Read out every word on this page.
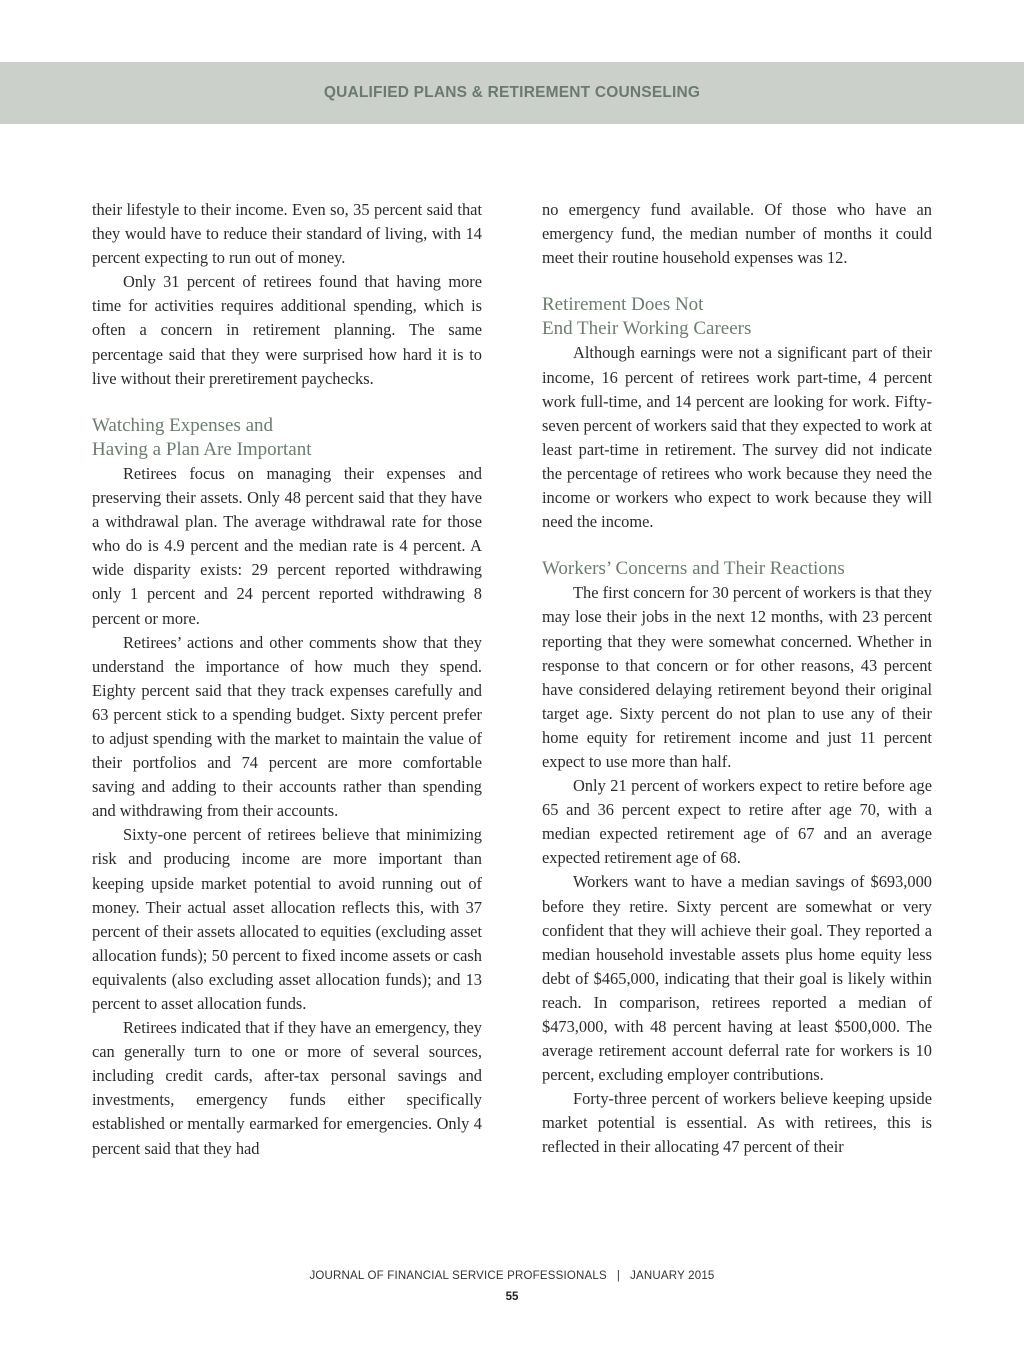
QUALIFIED PLANS & RETIREMENT COUNSELING

their lifestyle to their income. Even so, 35 percent said that they would have to reduce their standard of living, with 14 percent expecting to run out of money.

Only 31 percent of retirees found that having more time for activities requires additional spending, which is often a concern in retirement planning. The same percentage said that they were surprised how hard it is to live without their preretirement paychecks.

Watching Expenses and
Having a Plan Are Important

Retirees focus on managing their expenses and preserving their assets. Only 48 percent said that they have a withdrawal plan. The average withdrawal rate for those who do is 4.9 percent and the median rate is 4 percent. A wide disparity exists: 29 percent reported withdrawing only 1 percent and 24 percent reported withdrawing 8 percent or more.

Retirees’ actions and other comments show that they understand the importance of how much they spend. Eighty percent said that they track expenses carefully and 63 percent stick to a spending budget. Sixty percent prefer to adjust spending with the market to maintain the value of their portfolios and 74 percent are more comfortable saving and adding to their accounts rather than spending and withdrawing from their accounts.

Sixty-one percent of retirees believe that minimizing risk and producing income are more important than keeping upside market potential to avoid running out of money. Their actual asset allocation reflects this, with 37 percent of their assets allocated to equities (excluding asset allocation funds); 50 percent to fixed income assets or cash equivalents (also excluding asset allocation funds); and 13 percent to asset allocation funds.

Retirees indicated that if they have an emergency, they can generally turn to one or more of several sources, including credit cards, after-tax personal savings and investments, emergency funds either specifically established or mentally earmarked for emergencies. Only 4 percent said that they had

no emergency fund available. Of those who have an emergency fund, the median number of months it could meet their routine household expenses was 12.

Retirement Does Not
End Their Working Careers

Although earnings were not a significant part of their income, 16 percent of retirees work part-time, 4 percent work full-time, and 14 percent are looking for work. Fifty-seven percent of workers said that they expected to work at least part-time in retirement. The survey did not indicate the percentage of retirees who work because they need the income or workers who expect to work because they will need the income.

Workers’ Concerns and Their Reactions

The first concern for 30 percent of workers is that they may lose their jobs in the next 12 months, with 23 percent reporting that they were somewhat concerned. Whether in response to that concern or for other reasons, 43 percent have considered delaying retirement beyond their original target age. Sixty percent do not plan to use any of their home equity for retirement income and just 11 percent expect to use more than half.

Only 21 percent of workers expect to retire before age 65 and 36 percent expect to retire after age 70, with a median expected retirement age of 67 and an average expected retirement age of 68.

Workers want to have a median savings of $693,000 before they retire. Sixty percent are somewhat or very confident that they will achieve their goal. They reported a median household investable assets plus home equity less debt of $465,000, indicating that their goal is likely within reach. In comparison, retirees reported a median of $473,000, with 48 percent having at least $500,000. The average retirement account deferral rate for workers is 10 percent, excluding employer contributions.

Forty-three percent of workers believe keeping upside market potential is essential. As with retirees, this is reflected in their allocating 47 percent of their

JOURNAL OF FINANCIAL SERVICE PROFESSIONALS | JANUARY 2015
55
